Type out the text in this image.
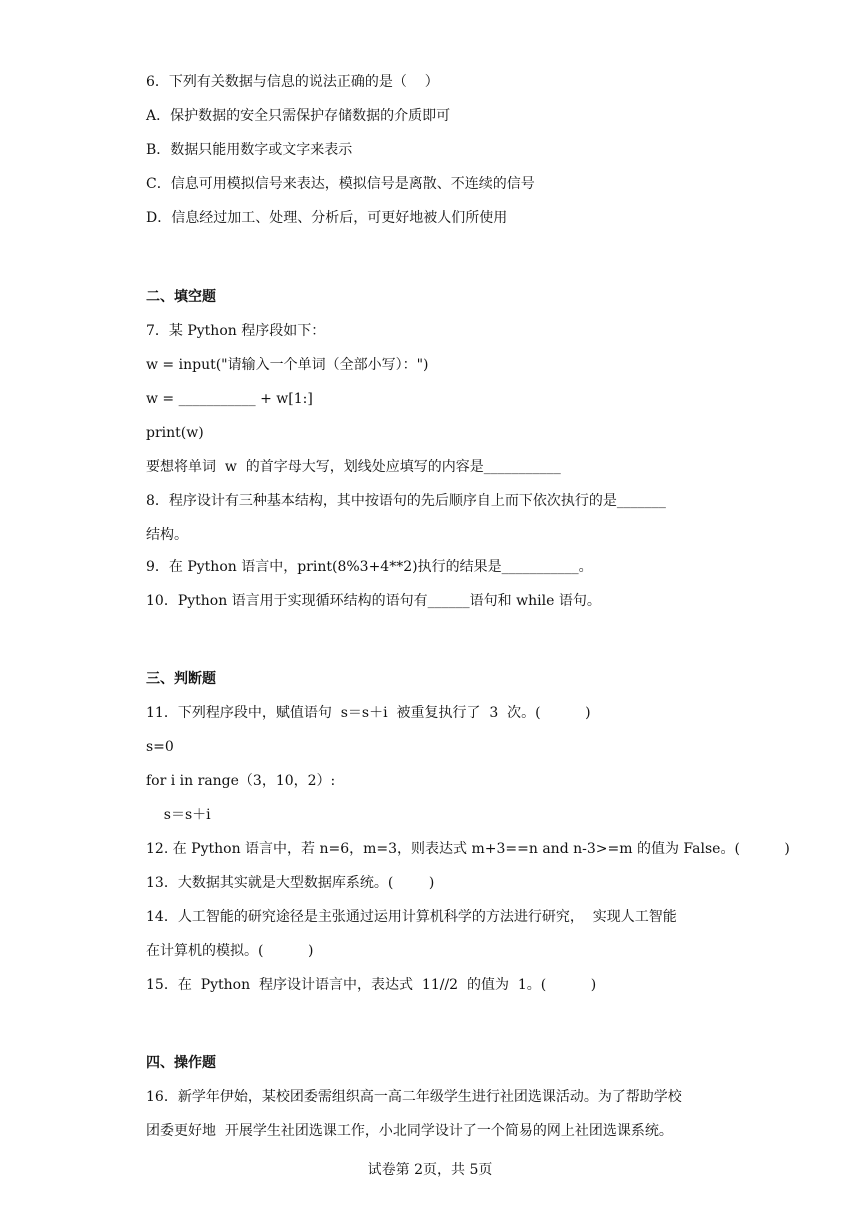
6．下列有关数据与信息的说法正确的是（    ）
A．保护数据的安全只需保护存储数据的介质即可
B．数据只能用数字或文字来表示
C．信息可用模拟信号来表达，模拟信号是离散、不连续的信号
D．信息经过加工、处理、分析后，可更好地被人们所使用
二、填空题
7．某 Python 程序段如下：
w = input("请输入一个单词（全部小写）：")
w = ___________ + w[1:]
print(w)
要想将单词  w  的首字母大写，划线处应填写的内容是___________
8．程序设计有三种基本结构，其中按语句的先后顺序自上而下依次执行的是_______
结构。
9．在 Python 语言中，print(8%3+4**2)执行的结果是___________。
10．Python 语言用于实现循环结构的语句有______语句和 while 语句。
三、判断题
11．下列程序段中，赋值语句  s＝s＋i  被重复执行了  3  次。(          )
s=0
for i in range（3，10，2）:
s＝s＋i
12. 在 Python 语言中，若 n=6，m=3，则表达式 m+3==n and n-3>=m 的值为 False。(          )
13．大数据其实就是大型数据库系统。(        )
14．人工智能的研究途径是主张通过运用计算机科学的方法进行研究，  实现人工智能
在计算机的模拟。(          )
15．在  Python  程序设计语言中，表达式  11//2  的值为  1。(          )
四、操作题
16．新学年伊始，某校团委需组织高一高二年级学生进行社团选课活动。为了帮助学校
团委更好地  开展学生社团选课工作，小北同学设计了一个简易的网上社团选课系统。
试卷第 2页，共 5页
